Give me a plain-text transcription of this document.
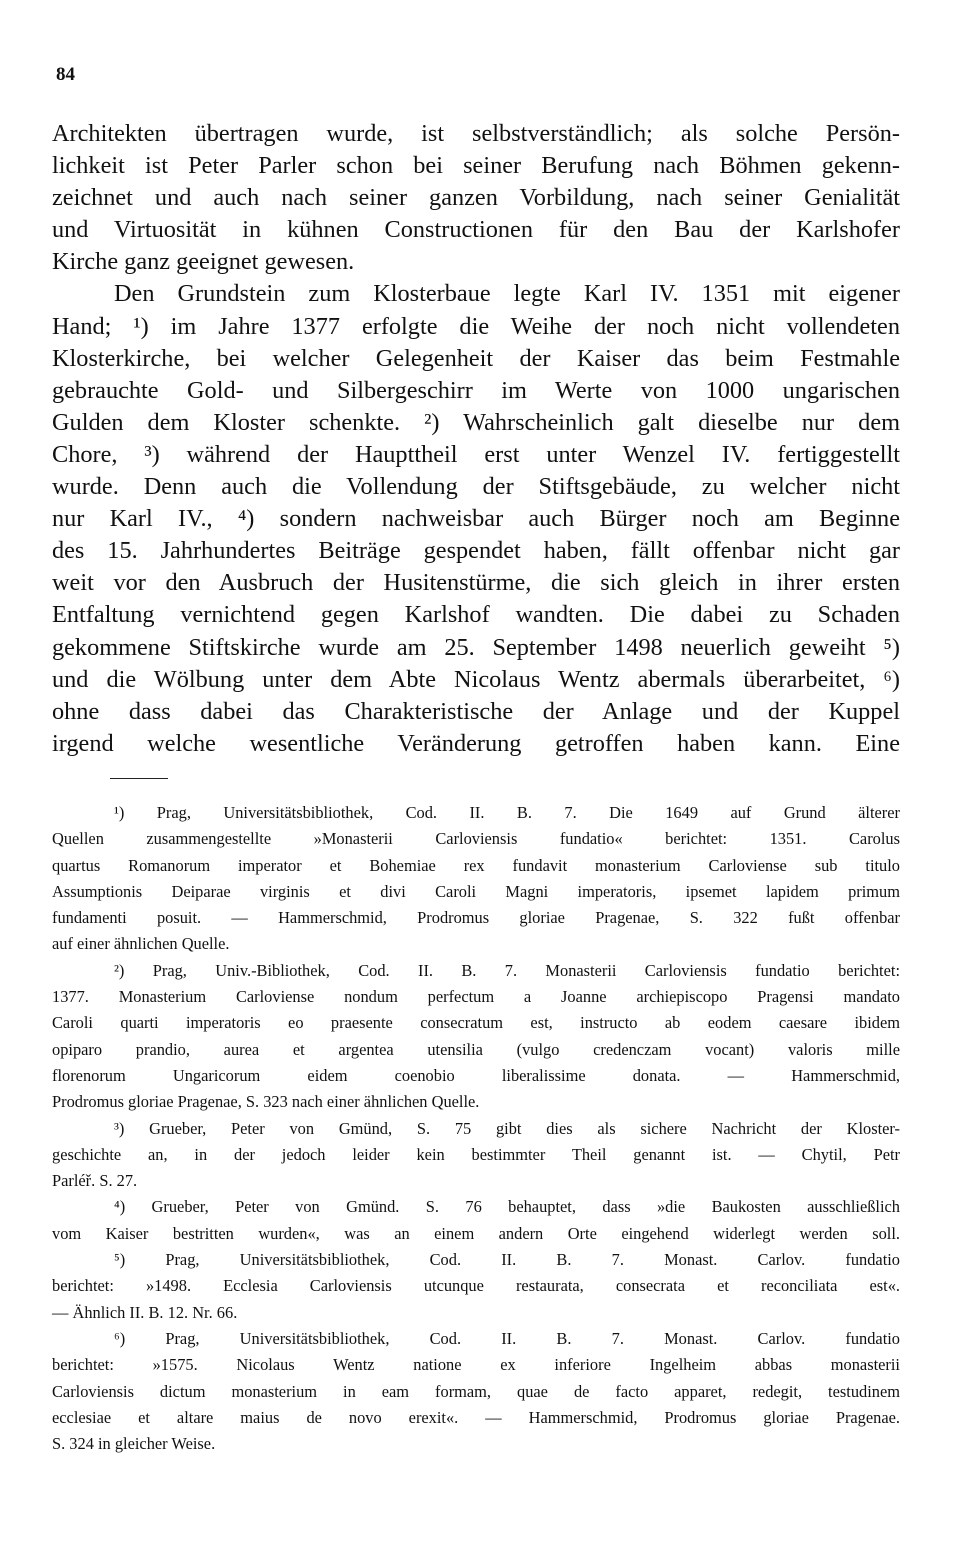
84
Architekten übertragen wurde, ist selbstverständlich; als solche Persön-
lichkeit ist Peter Parler schon bei seiner Berufung nach Böhmen gekenn-
zeichnet und auch nach seiner ganzen Vorbildung, nach seiner Genialität
und Virtuosität in kühnen Constructionen für den Bau der Karlshofer
Kirche ganz geeignet gewesen.
Den Grundstein zum Klosterbaue legte Karl IV. 1351 mit eigener
Hand; ¹) im Jahre 1377 erfolgte die Weihe der noch nicht vollendeten
Klosterkirche, bei welcher Gelegenheit der Kaiser das beim Festmahle
gebrauchte Gold- und Silbergeschirr im Werte von 1000 ungarischen
Gulden dem Kloster schenkte. ²) Wahrscheinlich galt dieselbe nur dem
Chore, ³) während der Haupttheil erst unter Wenzel IV. fertiggestellt
wurde. Denn auch die Vollendung der Stiftsgebäude, zu welcher nicht
nur Karl IV., ⁴) sondern nachweisbar auch Bürger noch am Beginne
des 15. Jahrhundertes Beiträge gespendet haben, fällt offenbar nicht gar
weit vor den Ausbruch der Husitenstürme, die sich gleich in ihrer ersten
Entfaltung vernichtend gegen Karlshof wandten. Die dabei zu Schaden
gekommene Stiftskirche wurde am 25. September 1498 neuerlich geweiht ⁵)
und die Wölbung unter dem Abte Nicolaus Wentz abermals überarbeitet, ⁶)
ohne dass dabei das Charakteristische der Anlage und der Kuppel
irgend welche wesentliche Veränderung getroffen haben kann. Eine
¹) Prag, Universitätsbibliothek, Cod. II. B. 7. Die 1649 auf Grund älterer
Quellen zusammengestellte »Monasterii Carloviensis fundatio« berichtet: 1351. Carolus
quartus Romanorum imperator et Bohemiae rex fundavit monasterium Carloviense sub titulo
Assumptionis Deiparae virginis et divi Caroli Magni imperatoris, ipsemet lapidem primum
fundamenti posuit. — Hammerschmid, Prodromus gloriae Pragenae, S. 322 fußt offenbar
auf einer ähnlichen Quelle.
²) Prag, Univ.-Bibliothek, Cod. II. B. 7. Monasterii Carloviensis fundatio berichtet:
1377. Monasterium Carloviense nondum perfectum a Joanne archiepiscopo Pragensi mandato
Caroli quarti imperatoris eo praesente consecratum est, instructo ab eodem caesare ibidem
opiparo prandio, aurea et argentea utensilia (vulgo credenczam vocant) valoris mille
florenorum Ungaricorum eidem coenobio liberalissime donata. — Hammerschmid,
Prodromus gloriae Pragenae, S. 323 nach einer ähnlichen Quelle.
³) Grueber, Peter von Gmünd, S. 75 gibt dies als sichere Nachricht der Kloster-
geschichte an, in der jedoch leider kein bestimmter Theil genannt ist. — Chytil, Petr
Parléř. S. 27.
⁴) Grueber, Peter von Gmünd. S. 76 behauptet, dass »die Baukosten ausschließlich
vom Kaiser bestritten wurden«, was an einem andern Orte eingehend widerlegt werden soll.
⁵) Prag, Universitätsbibliothek, Cod. II. B. 7. Monast. Carlov. fundatio
berichtet: »1498. Ecclesia Carloviensis utcunque restaurata, consecrata et reconciliata est«.
— Ähnlich II. B. 12. Nr. 66.
⁶) Prag, Universitätsbibliothek, Cod. II. B. 7. Monast. Carlov. fundatio
berichtet: »1575. Nicolaus Wentz natione ex inferiore Ingelheim abbas monasterii
Carloviensis dictum monasterium in eam formam, quae de facto apparet, redegit, testudinem
ecclesiae et altare maius de novo erexit«. — Hammerschmid, Prodromus gloriae Pragenae.
S. 324 in gleicher Weise.
